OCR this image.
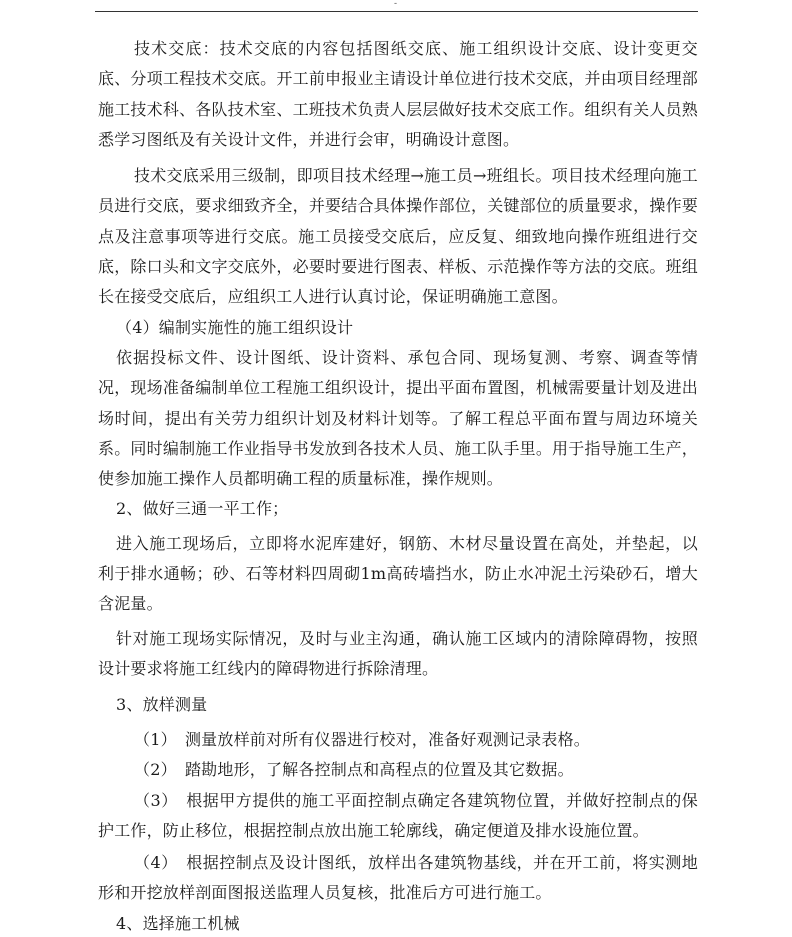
-

技术交底：技术交底的内容包括图纸交底、施工组织设计交底、设计变更交底、分项工程技术交底。开工前申报业主请设计单位进行技术交底，并由项目经理部施工技术科、各队技术室、工班技术负责人层层做好技术交底工作。组织有关人员熟悉学习图纸及有关设计文件，并进行会审，明确设计意图。

技术交底采用三级制，即项目技术经理→施工员→班组长。项目技术经理向施工员进行交底，要求细致齐全，并要结合具体操作部位，关键部位的质量要求，操作要点及注意事项等进行交底。施工员接受交底后，应反复、细致地向操作班组进行交底，除口头和文字交底外，必要时要进行图表、样板、示范操作等方法的交底。班组长在接受交底后，应组织工人进行认真讨论，保证明确施工意图。

（4）编制实施性的施工组织设计

依据投标文件、设计图纸、设计资料、承包合同、现场复测、考察、调查等情况，现场准备编制单位工程施工组织设计，提出平面布置图，机械需要量计划及进出场时间，提出有关劳力组织计划及材料计划等。了解工程总平面布置与周边环境关系。同时编制施工作业指导书发放到各技术人员、施工队手里。用于指导施工生产，使参加施工操作人员都明确工程的质量标准，操作规则。

2、做好三通一平工作；

进入施工现场后，立即将水泥库建好，钢筋、木材尽量设置在高处，并垫起，以利于排水通畅；砂、石等材料四周砌1m高砖墙挡水，防止水冲泥土污染砂石，增大含泥量。

针对施工现场实际情况，及时与业主沟通，确认施工区域内的清除障碍物，按照设计要求将施工红线内的障碍物进行拆除清理。

3、放样测量

（1）　测量放样前对所有仪器进行校对，准备好观测记录表格。

（2）　踏勘地形，了解各控制点和高程点的位置及其它数据。

（3）　根据甲方提供的施工平面控制点确定各建筑物位置，并做好控制点的保护工作，防止移位，根据控制点放出施工轮廓线，确定便道及排水设施位置。

（4）　根据控制点及设计图纸，放样出各建筑物基线，并在开工前，将实测地形和开挖放样剖面图报送监理人员复核，批准后方可进行施工。

4、选择施工机械
